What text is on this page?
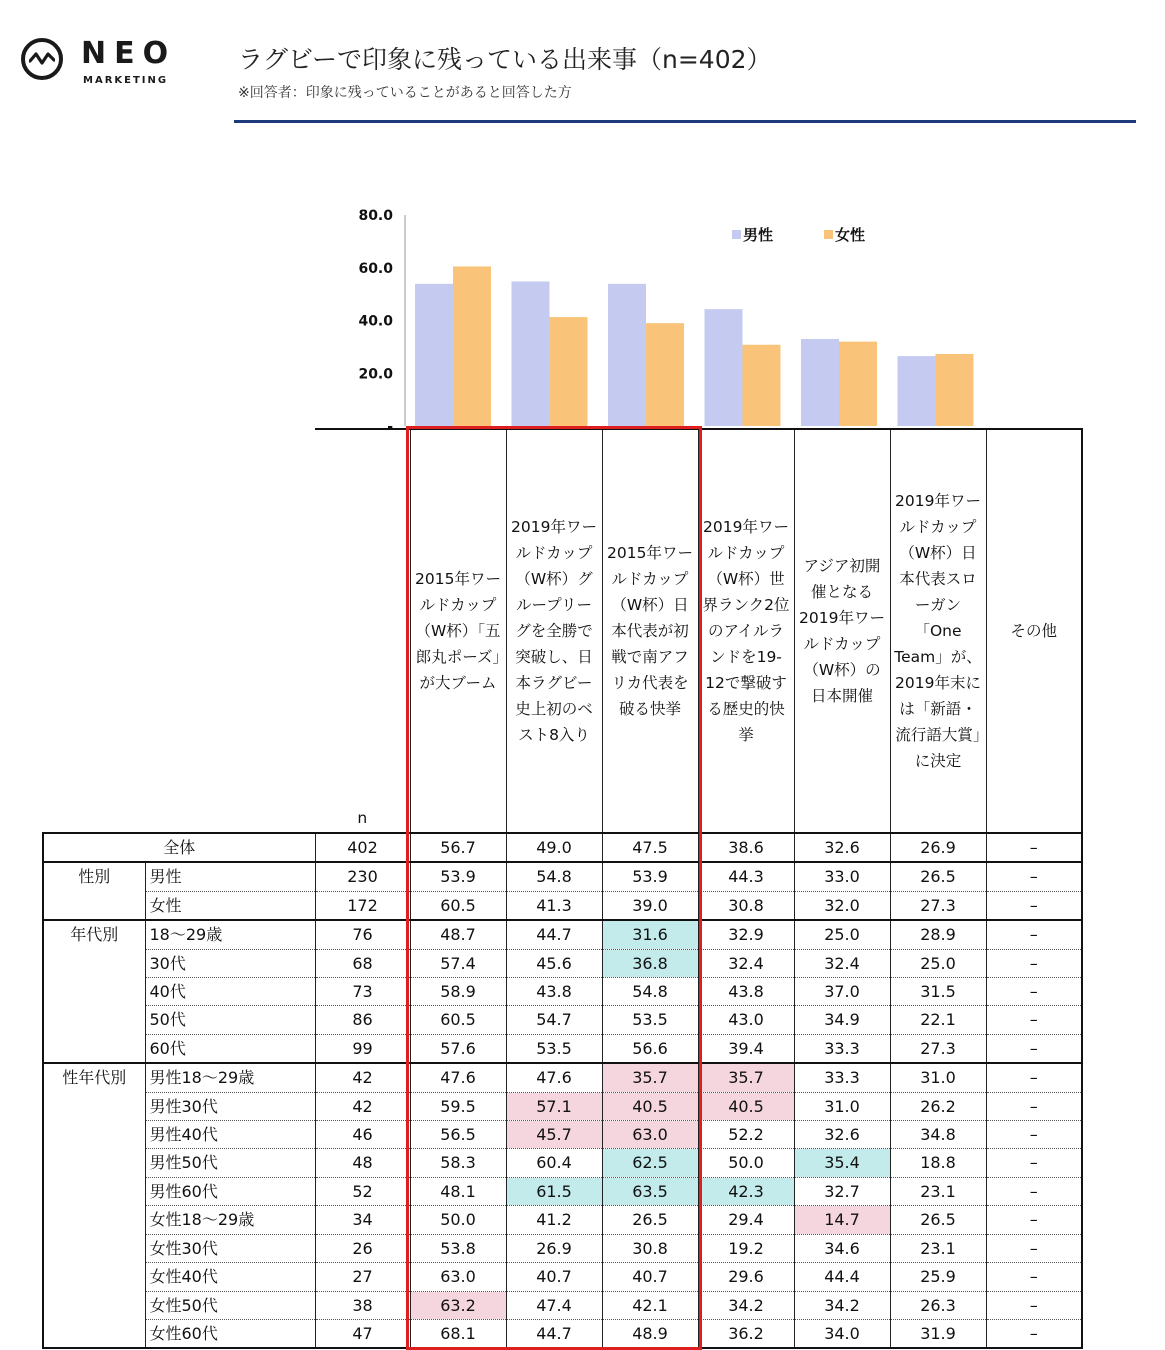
NEO
MARKETING
ラグビーで印象に残っている出来事（n=402）
※回答者：印象に残っていることがあると回答した方
-
20.0
40.0
60.0
80.0
男性	女性
		n	2015年ワールドカップ（W杯）「五郎丸ポーズ」が大ブーム	2019年ワールドカップ（W杯）グループリーグを全勝で突破し、日本ラグビー史上初のベスト8入り	2015年ワールドカップ（W杯）日本代表が初戦で南アフリカ代表を破る快挙	2019年ワールドカップ（W杯）世界ランク2位のアイルランドを19-12で撃破する歴史的快挙	アジア初開催となる2019年ワールドカップ（W杯）の日本開催	2019年ワールドカップ（W杯）日本代表スローガン「One Team」が、2019年末には「新語・流行語大賞」に決定	その他
全体		402	56.7	49.0	47.5	38.6	32.6	26.9	–
性別	男性	230	53.9	54.8	53.9	44.3	33.0	26.5	–
	女性	172	60.5	41.3	39.0	30.8	32.0	27.3	–
年代別	18～29歳	76	48.7	44.7	31.6	32.9	25.0	28.9	–
	30代	68	57.4	45.6	36.8	32.4	32.4	25.0	–
	40代	73	58.9	43.8	54.8	43.8	37.0	31.5	–
	50代	86	60.5	54.7	53.5	43.0	34.9	22.1	–
	60代	99	57.6	53.5	56.6	39.4	33.3	27.3	–
性年代別	男性18～29歳	42	47.6	47.6	35.7	35.7	33.3	31.0	–
	男性30代	42	59.5	57.1	40.5	40.5	31.0	26.2	–
	男性40代	46	56.5	45.7	63.0	52.2	32.6	34.8	–
	男性50代	48	58.3	60.4	62.5	50.0	35.4	18.8	–
	男性60代	52	48.1	61.5	63.5	42.3	32.7	23.1	–
	女性18～29歳	34	50.0	41.2	26.5	29.4	14.7	26.5	–
	女性30代	26	53.8	26.9	30.8	19.2	34.6	23.1	–
	女性40代	27	63.0	40.7	40.7	29.6	44.4	25.9	–
	女性50代	38	63.2	47.4	42.1	34.2	34.2	26.3	–
	女性60代	47	68.1	44.7	48.9	36.2	34.0	31.9	–
